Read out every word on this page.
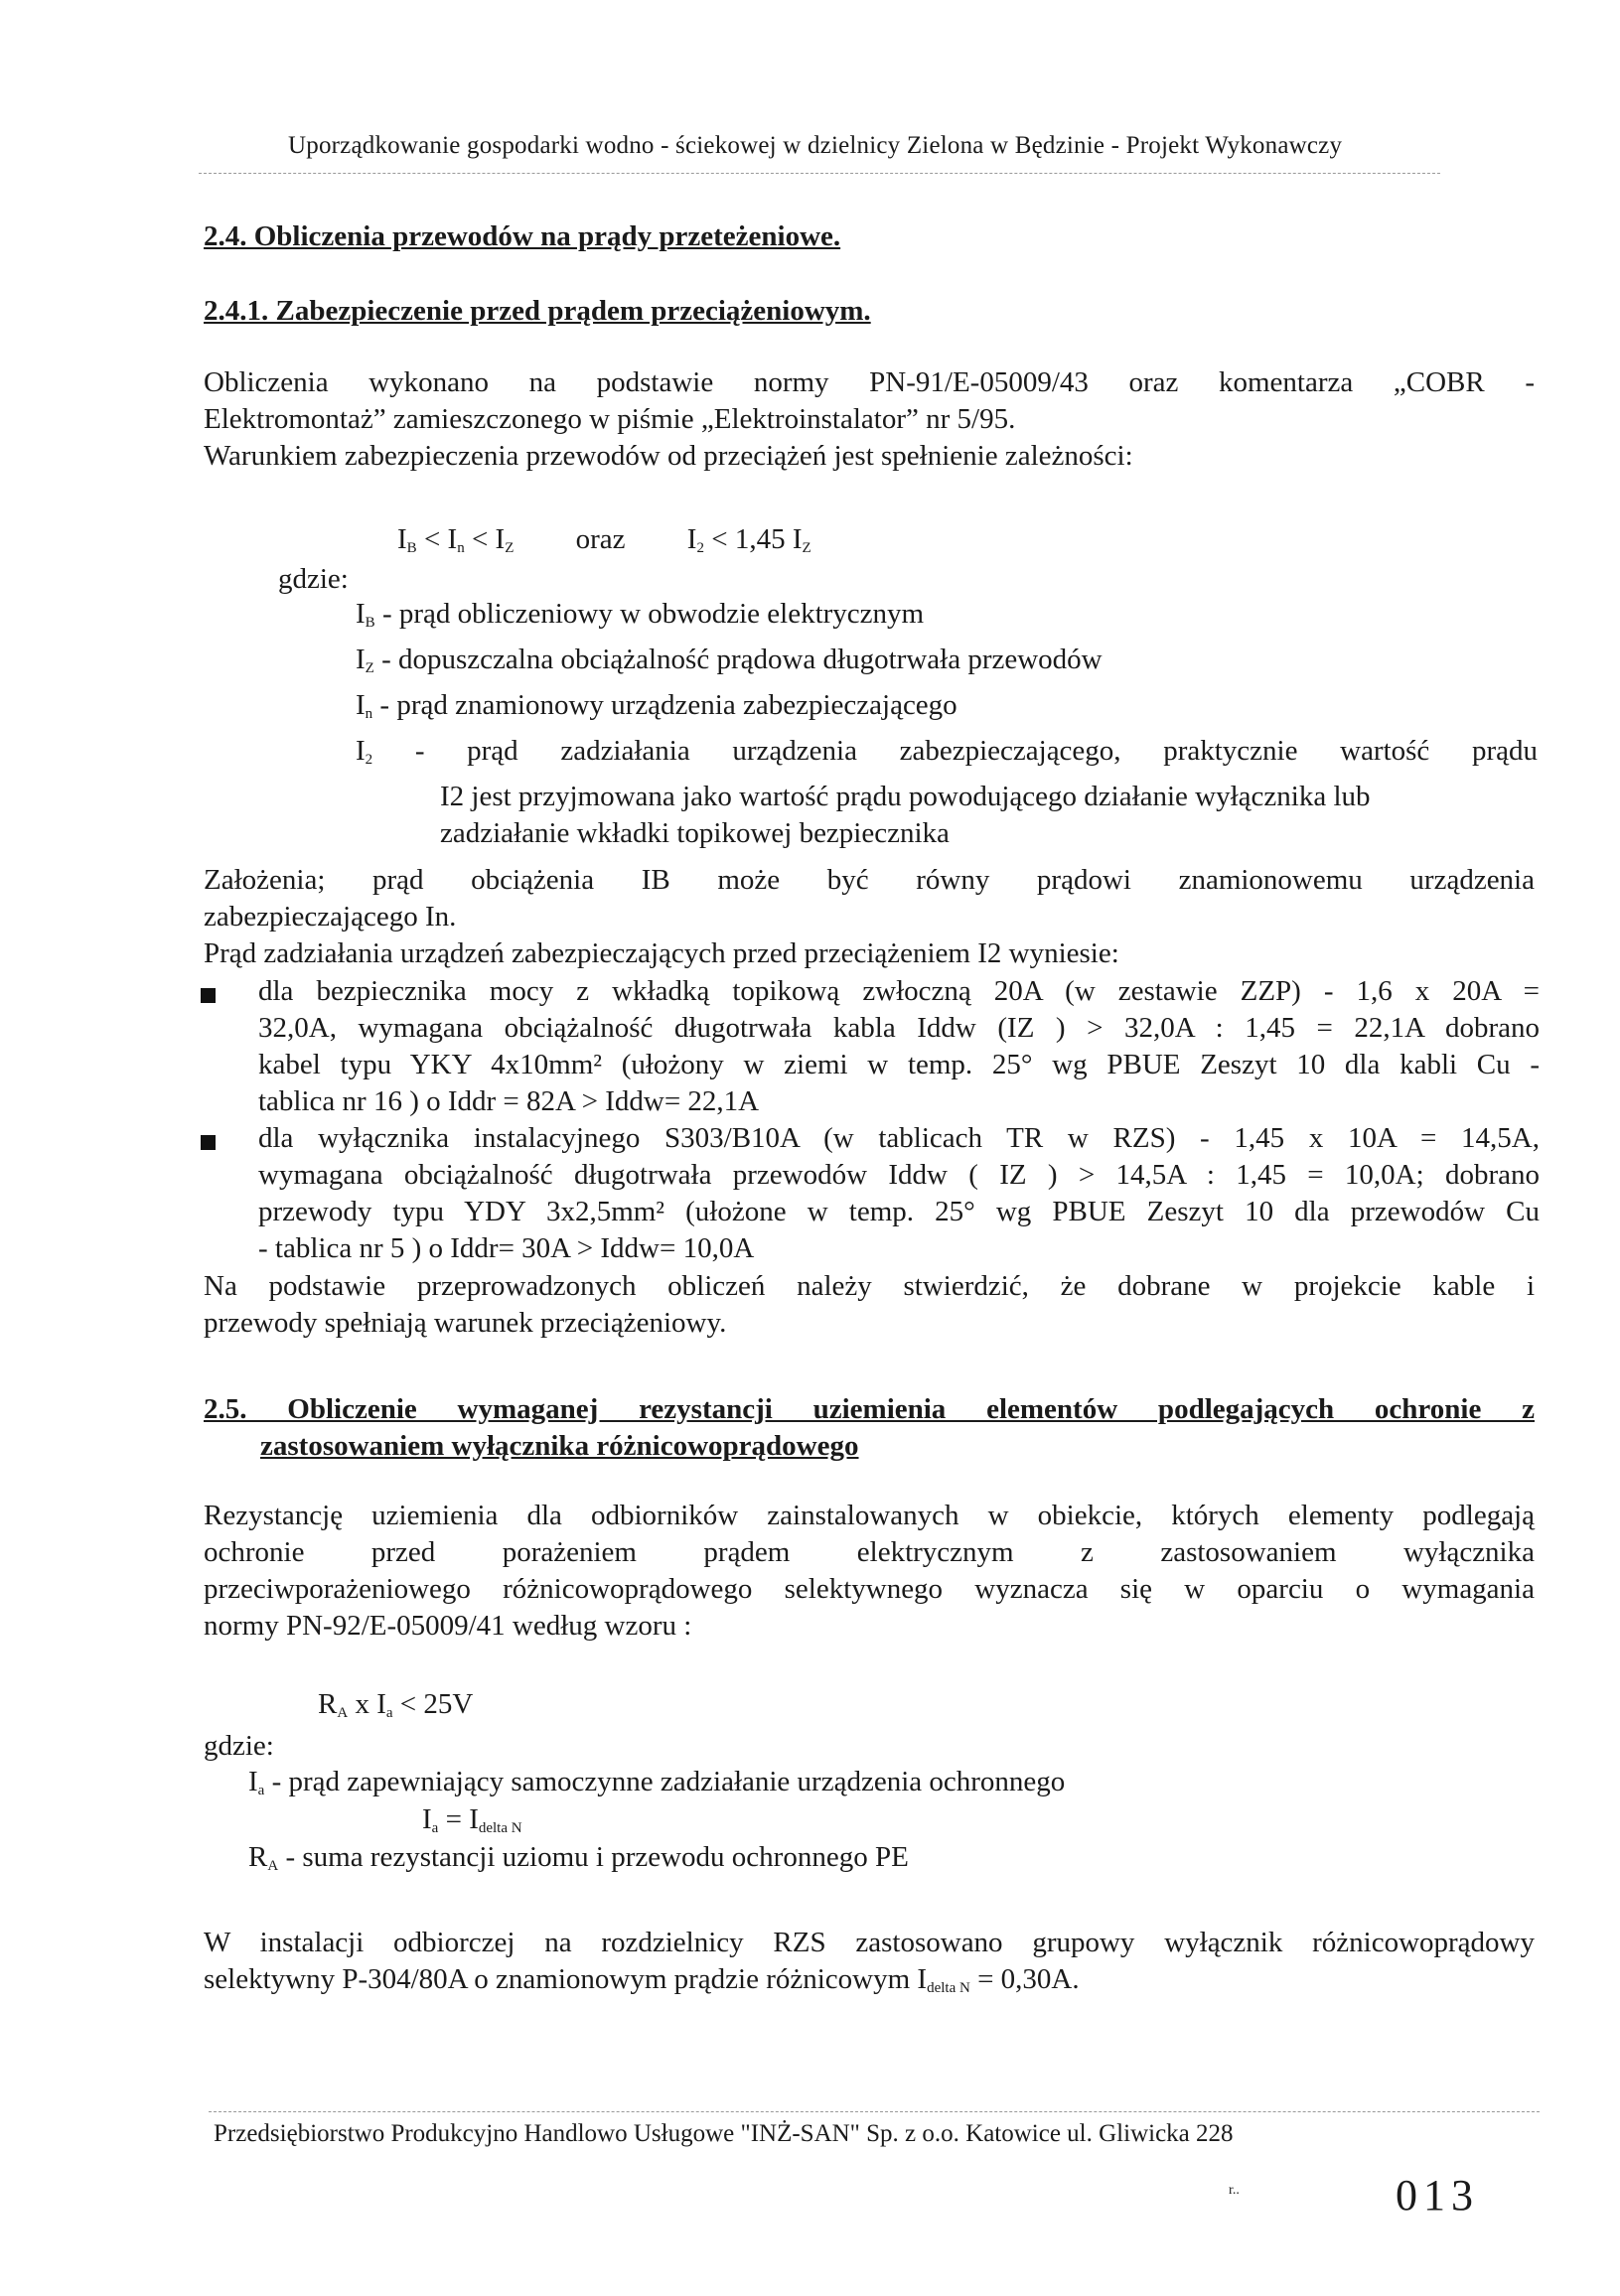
Uporządkowanie gospodarki wodno - ściekowej w dzielnicy Zielona w Będzinie - Projekt Wykonawczy
2.4. Obliczenia przewodów na prądy przeteżeniowe.
2.4.1. Zabezpieczenie przed prądem przeciążeniowym.
Obliczenia wykonano na podstawie normy PN-91/E-05009/43 oraz komentarza „COBR -
Elektromontaż” zamieszczonego w piśmie „Elektroinstalator” nr 5/95.
Warunkiem zabezpieczenia przewodów od przeciążeń jest spełnienie zależności:
$I_B < I_n < I_Z$ oraz $I_2 < 1,45$ $I_Z$
gdzie:
$I_B$ - prąd obliczeniowy w obwodzie elektrycznym
$I_Z$ - dopuszczalna obciążalność prądowa długotrwała przewodów
$I_n$ - prąd znamionowy urządzenia zabezpieczającego
$I_2$ - prąd zadziałania urządzenia zabezpieczającego, praktycznie wartość prądu
I2 jest przyjmowana jako wartość prądu powodującego działanie wyłącznika lub
zadziałanie wkładki topikowej bezpiecznika
Założenia; prąd obciążenia IB może być równy prądowi znamionowemu urządzenia
zabezpieczającego In.
Prąd zadziałania urządzeń zabezpieczających przed przeciążeniem I2 wyniesie:
dla bezpiecznika mocy z wkładką topikową zwłoczną 20A (w zestawie ZZP) - 1,6 x 20A =
32,0A, wymagana obciążalność długotrwała kabla Iddw (IZ ) > 32,0A : 1,45 = 22,1A dobrano
kabel typu YKY 4x10mm² (ułożony w ziemi w temp. 25° wg PBUE Zeszyt 10 dla kabli Cu -
tablica nr 16 ) o Iddr = 82A > Iddw= 22,1A
dla wyłącznika instalacyjnego S303/B10A (w tablicach TR w RZS) - 1,45 x 10A = 14,5A,
wymagana obciążalność długotrwała przewodów Iddw ( IZ ) > 14,5A : 1,45 = 10,0A; dobrano
przewody typu YDY 3x2,5mm² (ułożone w temp. 25° wg PBUE Zeszyt 10 dla przewodów Cu
- tablica nr 5 ) o Iddr= 30A > Iddw= 10,0A
Na podstawie przeprowadzonych obliczeń należy stwierdzić, że dobrane w projekcie kable i
przewody spełniają warunek przeciążeniowy.
2.5. Obliczenie wymaganej rezystancji uziemienia elementów podlegających ochronie z
zastosowaniem wyłącznika różnicowoprądowego
Rezystancję uziemienia dla odbiorników zainstalowanych w obiekcie, których elementy podlegają
ochronie przed porażeniem prądem elektrycznym z zastosowaniem wyłącznika
przeciwporażeniowego różnicowoprądowego selektywnego wyznacza się w oparciu o wymagania
normy PN-92/E-05009/41 według wzoru :
$R_A$ x $I_a < 25V$
gdzie:
$I_a$ - prąd zapewniający samoczynne zadziałanie urządzenia ochronnego
$I_a = I_{delta N}$
$R_A$ - suma rezystancji uziomu i przewodu ochronnego PE
W instalacji odbiorczej na rozdzielnicy RZS zastosowano grupowy wyłącznik różnicowoprądowy
selektywny P-304/80A o znamionowym prądzie różnicowym $I_{delta N} = 0,30A$.
Przedsiębiorstwo Produkcyjno Handlowo Usługowe "INŻ-SAN" Sp. z o.o. Katowice ul. Gliwicka 228
r..	013
